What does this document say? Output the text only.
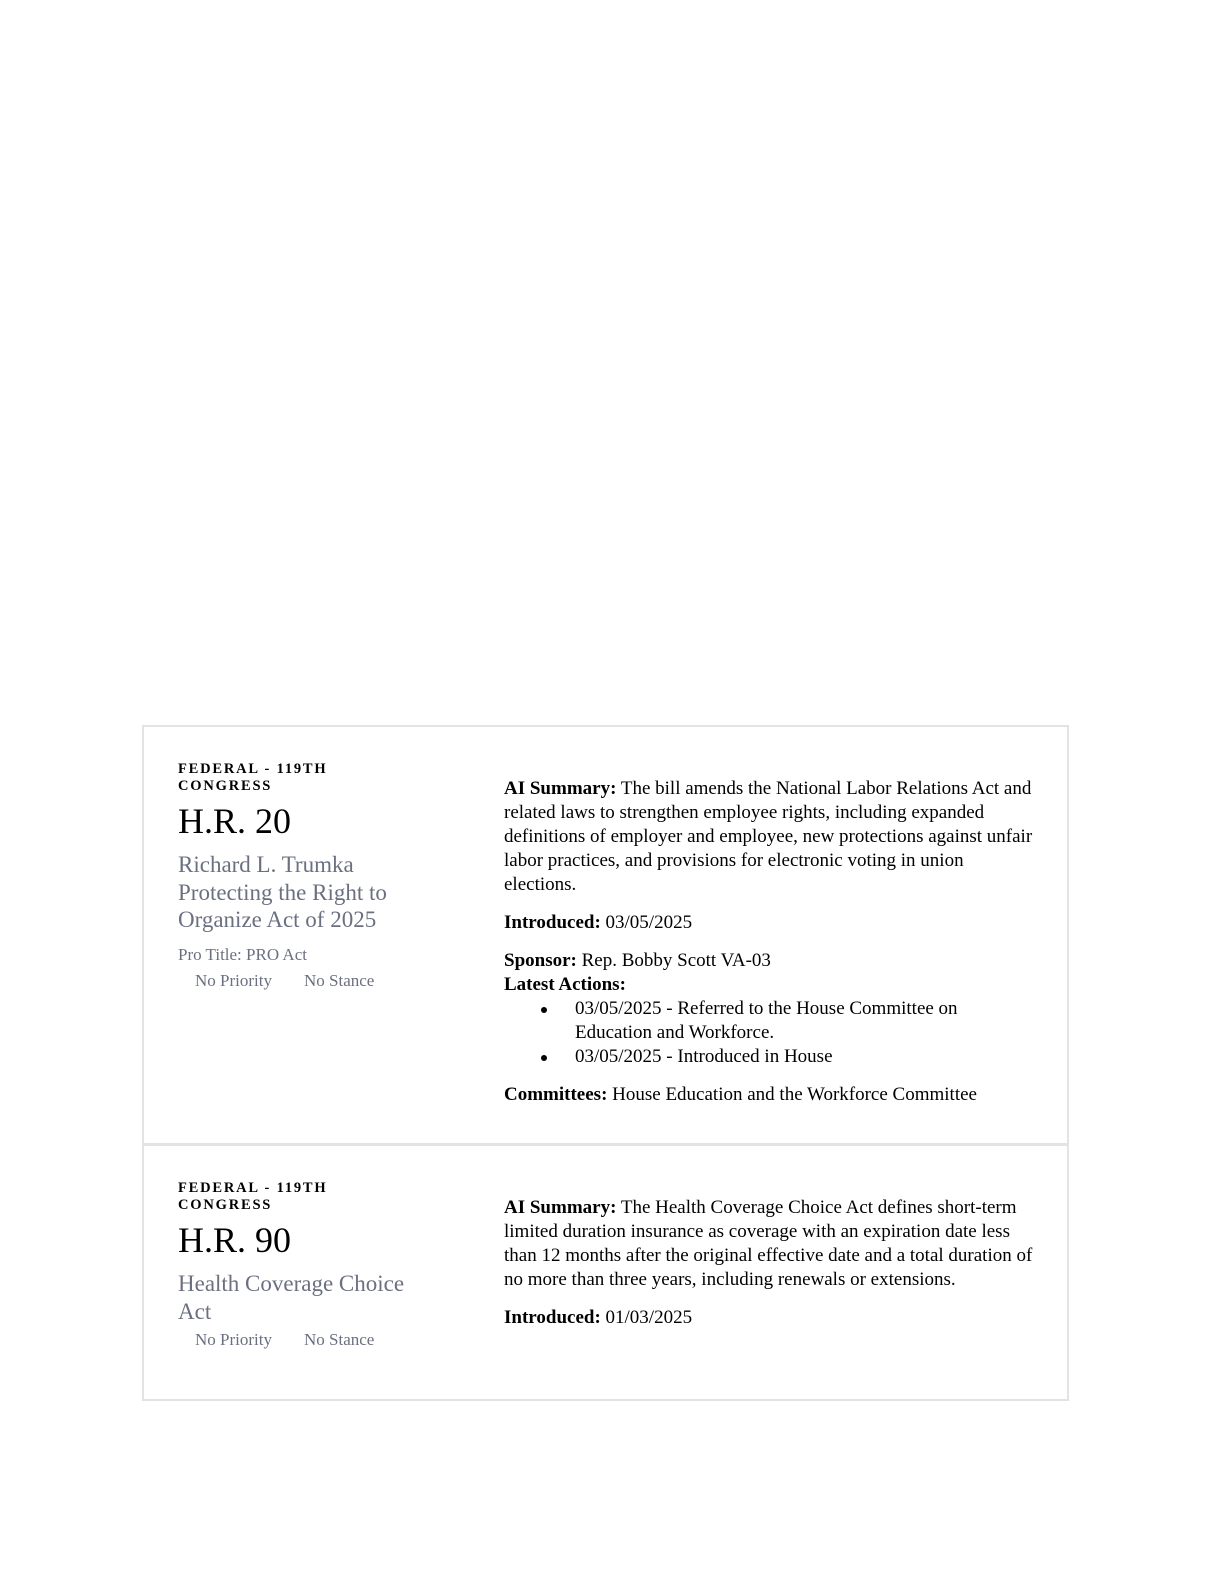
FEDERAL - 119TH CONGRESS
H.R. 20
Richard L. Trumka Protecting the Right to Organize Act of 2025
Pro Title: PRO Act
No Priority No Stance

AI Summary: The bill amends the National Labor Relations Act and related laws to strengthen employee rights, including expanded definitions of employer and employee, new protections against unfair labor practices, and provisions for electronic voting in union elections.

Introduced: 03/05/2025

Sponsor: Rep. Bobby Scott VA-03

Latest Actions:

03/05/2025 - Referred to the House Committee on Education and Workforce.
03/05/2025 - Introduced in House

Committees: House Education and the Workforce Committee

FEDERAL - 119TH CONGRESS
H.R. 90
Health Coverage Choice Act
No Priority No Stance

AI Summary: The Health Coverage Choice Act defines short-term limited duration insurance as coverage with an expiration date less than 12 months after the original effective date and a total duration of no more than three years, including renewals or extensions.

Introduced: 01/03/2025
